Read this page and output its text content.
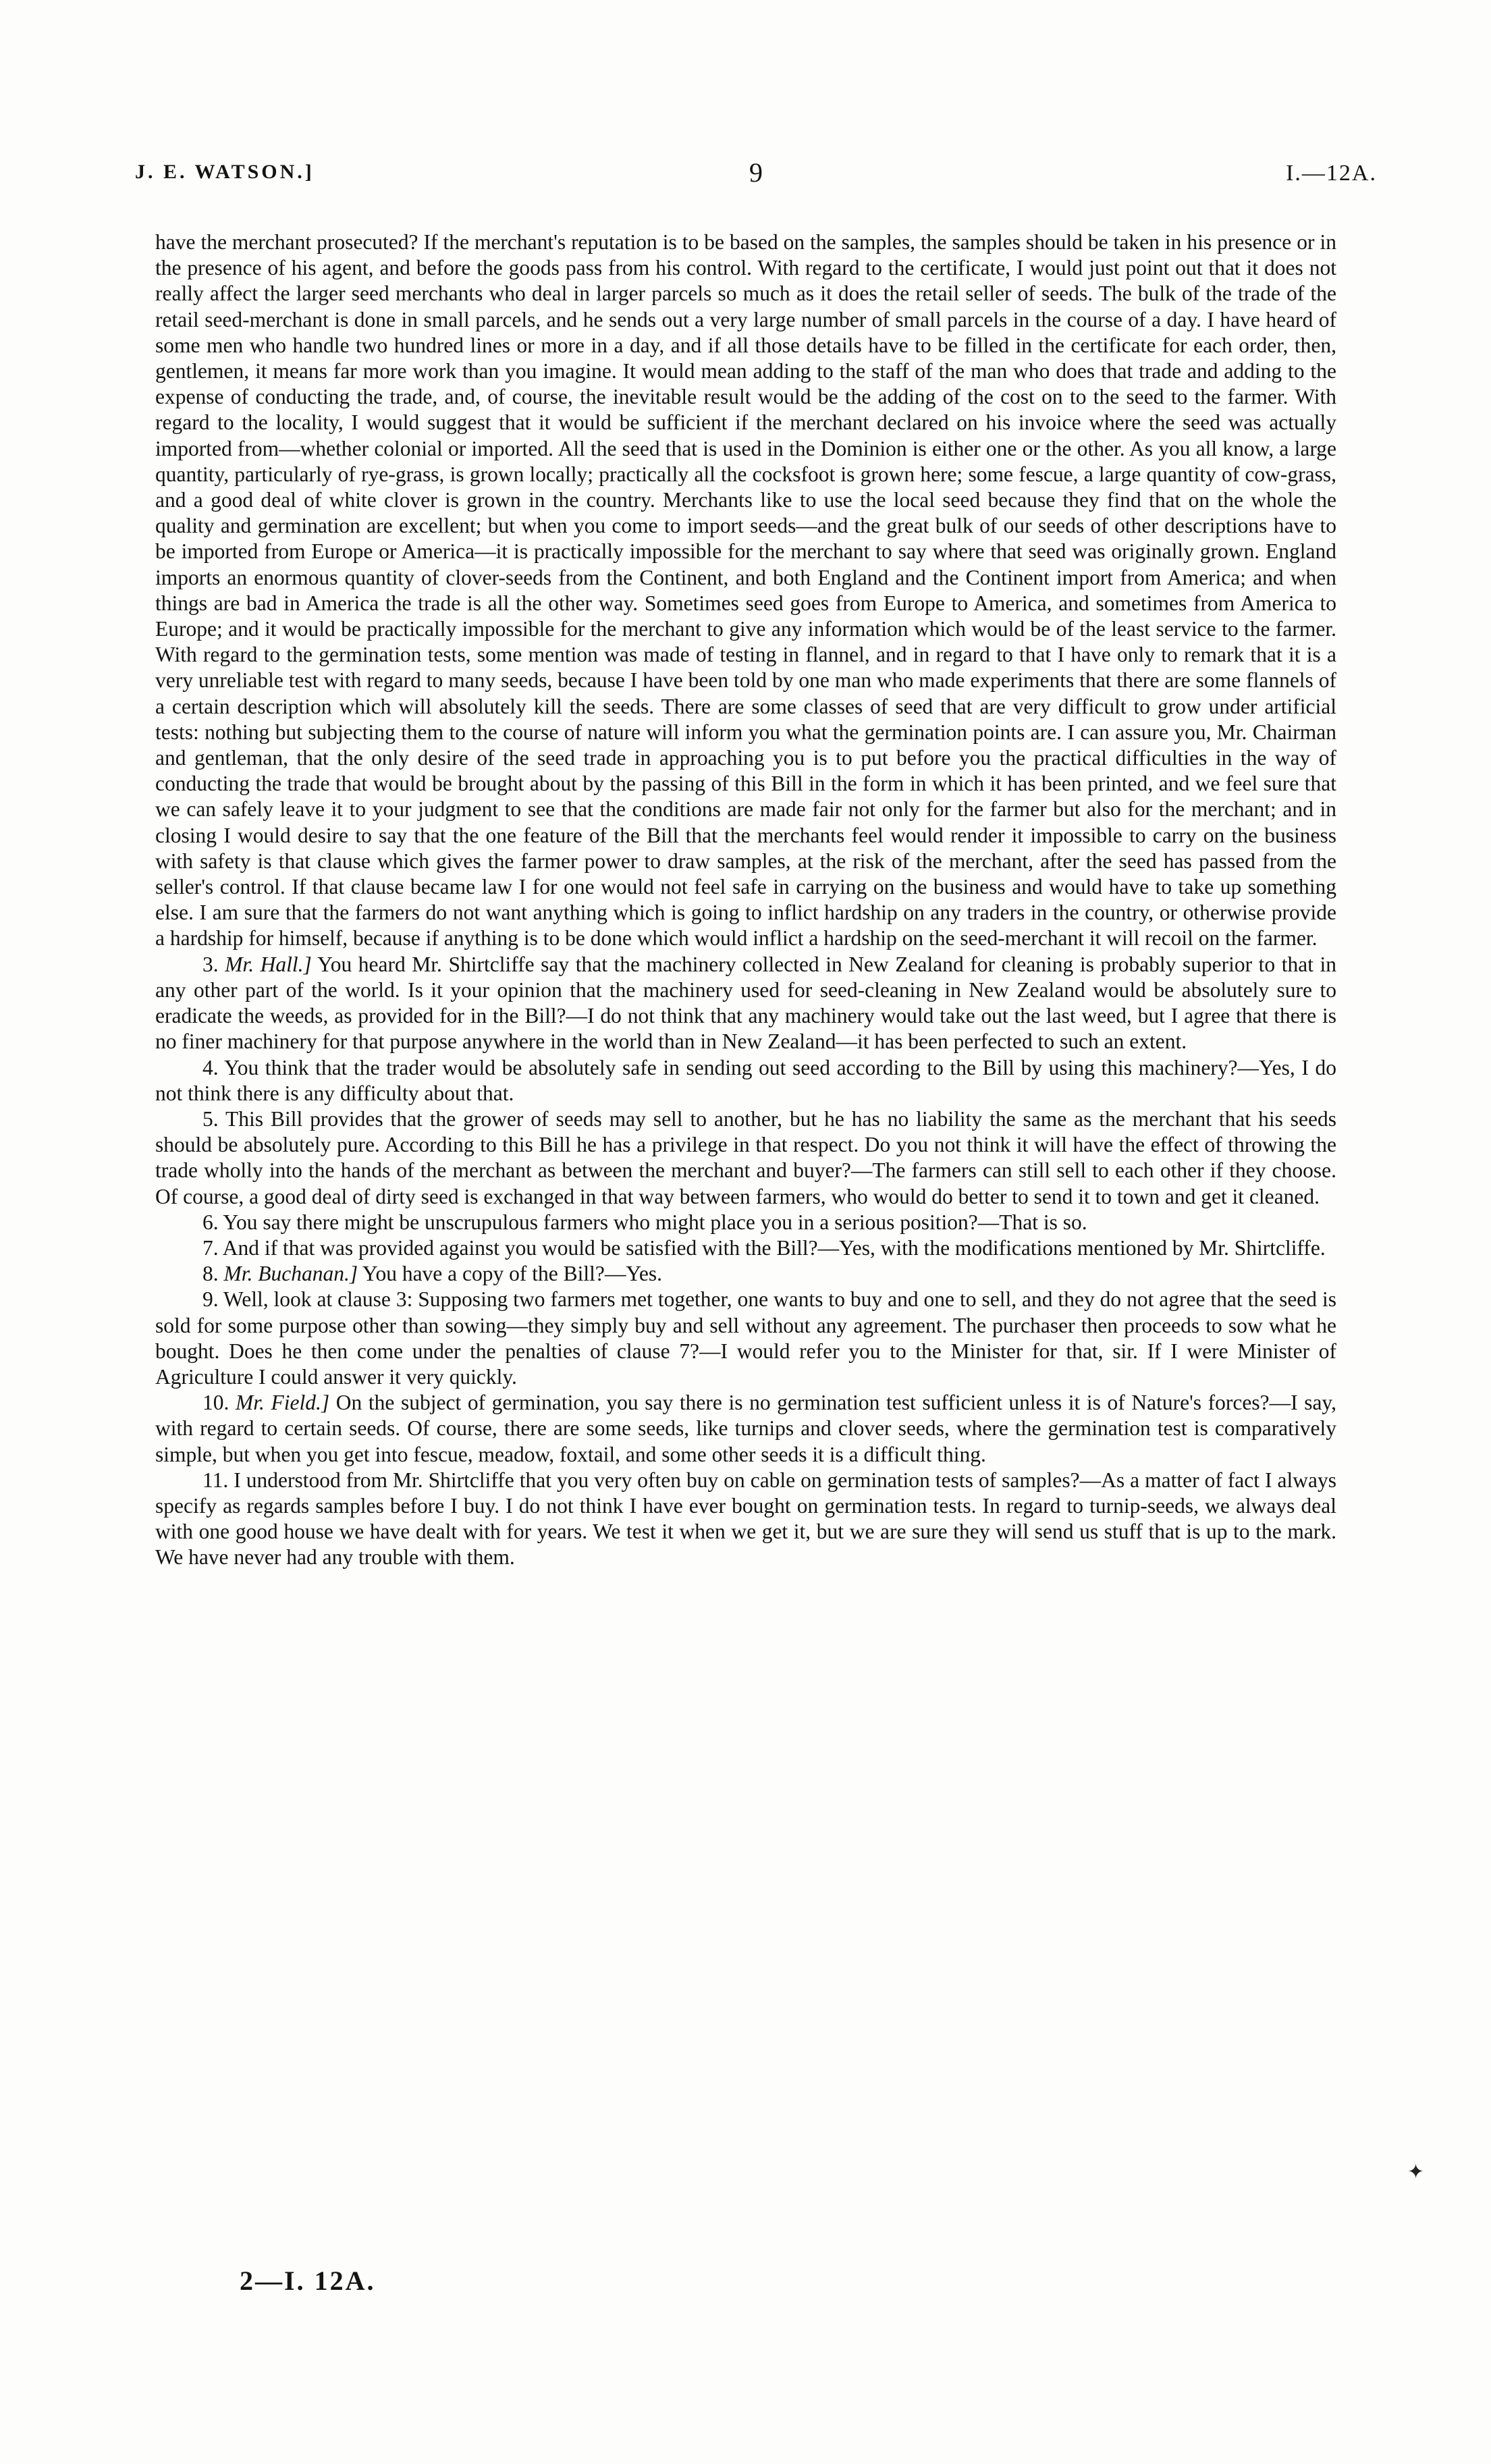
J. E. WATSON.]	9	I.—12A.

have the merchant prosecuted? If the merchant's reputation is to be based on the samples, the samples should be taken in his presence or in the presence of his agent, and before the goods pass from his control. With regard to the certificate, I would just point out that it does not really affect the larger seed merchants who deal in larger parcels so much as it does the retail seller of seeds. The bulk of the trade of the retail seed-merchant is done in small parcels, and he sends out a very large number of small parcels in the course of a day. I have heard of some men who handle two hundred lines or more in a day, and if all those details have to be filled in the certificate for each order, then, gentlemen, it means far more work than you imagine. It would mean adding to the staff of the man who does that trade and adding to the expense of conducting the trade, and, of course, the inevitable result would be the adding of the cost on to the seed to the farmer. With regard to the locality, I would suggest that it would be sufficient if the merchant declared on his invoice where the seed was actually imported from—whether colonial or imported. All the seed that is used in the Dominion is either one or the other. As you all know, a large quantity, particularly of rye-grass, is grown locally; practically all the cocksfoot is grown here; some fescue, a large quantity of cow-grass, and a good deal of white clover is grown in the country. Merchants like to use the local seed because they find that on the whole the quality and germination are excellent; but when you come to import seeds—and the great bulk of our seeds of other descriptions have to be imported from Europe or America—it is practically impossible for the merchant to say where that seed was originally grown. England imports an enormous quantity of clover-seeds from the Continent, and both England and the Continent import from America; and when things are bad in America the trade is all the other way. Sometimes seed goes from Europe to America, and sometimes from America to Europe; and it would be practically impossible for the merchant to give any information which would be of the least service to the farmer. With regard to the germination tests, some mention was made of testing in flannel, and in regard to that I have only to remark that it is a very unreliable test with regard to many seeds, because I have been told by one man who made experiments that there are some flannels of a certain description which will absolutely kill the seeds. There are some classes of seed that are very difficult to grow under artificial tests: nothing but subjecting them to the course of nature will inform you what the germination points are. I can assure you, Mr. Chairman and gentleman, that the only desire of the seed trade in approaching you is to put before you the practical difficulties in the way of conducting the trade that would be brought about by the passing of this Bill in the form in which it has been printed, and we feel sure that we can safely leave it to your judgment to see that the conditions are made fair not only for the farmer but also for the merchant; and in closing I would desire to say that the one feature of the Bill that the merchants feel would render it impossible to carry on the business with safety is that clause which gives the farmer power to draw samples, at the risk of the merchant, after the seed has passed from the seller's control. If that clause became law I for one would not feel safe in carrying on the business and would have to take up something else. I am sure that the farmers do not want anything which is going to inflict hardship on any traders in the country, or otherwise provide a hardship for himself, because if anything is to be done which would inflict a hardship on the seed-merchant it will recoil on the farmer.

3. Mr. Hall.] You heard Mr. Shirtcliffe say that the machinery collected in New Zealand for cleaning is probably superior to that in any other part of the world. Is it your opinion that the machinery used for seed-cleaning in New Zealand would be absolutely sure to eradicate the weeds, as provided for in the Bill?—I do not think that any machinery would take out the last weed, but I agree that there is no finer machinery for that purpose anywhere in the world than in New Zealand—it has been perfected to such an extent.

4. You think that the trader would be absolutely safe in sending out seed according to the Bill by using this machinery?—Yes, I do not think there is any difficulty about that.

5. This Bill provides that the grower of seeds may sell to another, but he has no liability the same as the merchant that his seeds should be absolutely pure. According to this Bill he has a privilege in that respect. Do you not think it will have the effect of throwing the trade wholly into the hands of the merchant as between the merchant and buyer?—The farmers can still sell to each other if they choose. Of course, a good deal of dirty seed is exchanged in that way between farmers, who would do better to send it to town and get it cleaned.

6. You say there might be unscrupulous farmers who might place you in a serious position?—That is so.

7. And if that was provided against you would be satisfied with the Bill?—Yes, with the modifications mentioned by Mr. Shirtcliffe.

8. Mr. Buchanan.] You have a copy of the Bill?—Yes.

9. Well, look at clause 3: Supposing two farmers met together, one wants to buy and one to sell, and they do not agree that the seed is sold for some purpose other than sowing—they simply buy and sell without any agreement. The purchaser then proceeds to sow what he bought. Does he then come under the penalties of clause 7?—I would refer you to the Minister for that, sir. If I were Minister of Agriculture I could answer it very quickly.

10. Mr. Field.] On the subject of germination, you say there is no germination test sufficient unless it is of Nature's forces?—I say, with regard to certain seeds. Of course, there are some seeds, like turnips and clover seeds, where the germination test is comparatively simple, but when you get into fescue, meadow, foxtail, and some other seeds it is a difficult thing.

11. I understood from Mr. Shirtcliffe that you very often buy on cable on germination tests of samples?—As a matter of fact I always specify as regards samples before I buy. I do not think I have ever bought on germination tests. In regard to turnip-seeds, we always deal with one good house we have dealt with for years. We test it when we get it, but we are sure they will send us stuff that is up to the mark. We have never had any trouble with them.

✦
2—I. 12A.
